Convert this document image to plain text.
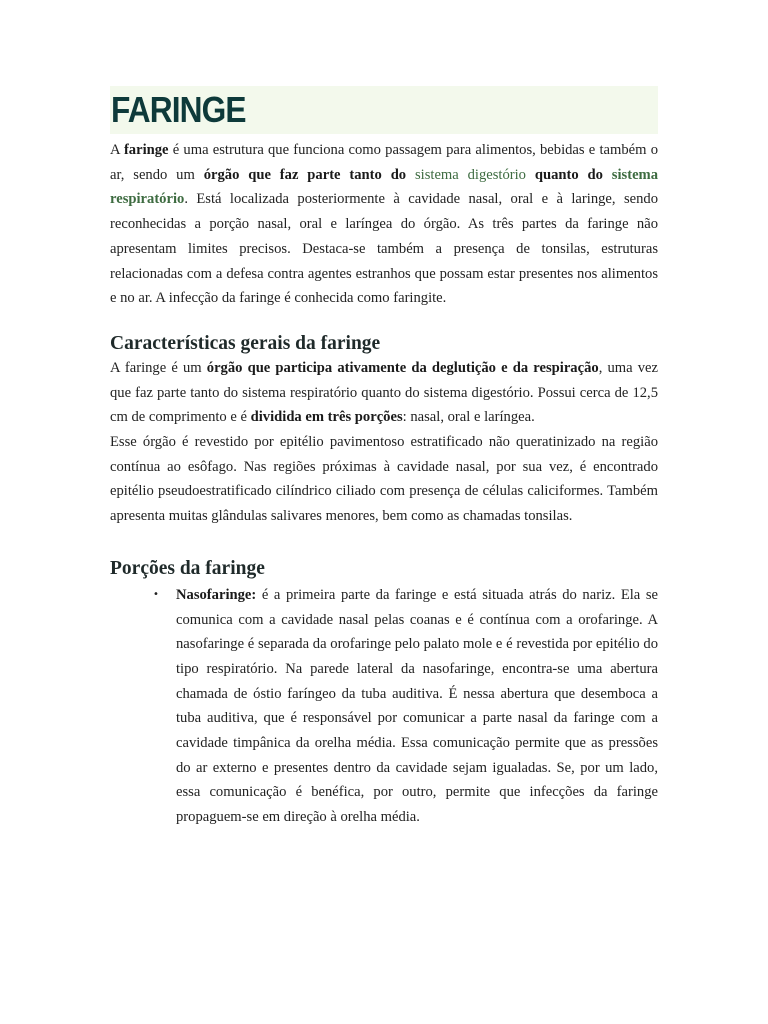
FARINGE

A faringe é uma estrutura que funciona como passagem para alimentos, bebidas e também o ar, sendo um órgão que faz parte tanto do sistema digestório quanto do sistema respiratório. Está localizada posteriormente à cavidade nasal, oral e à laringe, sendo reconhecidas a porção nasal, oral e laríngea do órgão. As três partes da faringe não apresentam limites precisos. Destaca-se também a presença de tonsilas, estruturas relacionadas com a defesa contra agentes estranhos que possam estar presentes nos alimentos e no ar. A infecção da faringe é conhecida como faringite.

Características gerais da faringe

A faringe é um órgão que participa ativamente da deglutição e da respiração, uma vez que faz parte tanto do sistema respiratório quanto do sistema digestório. Possui cerca de 12,5 cm de comprimento e é dividida em três porções: nasal, oral e laríngea.

Esse órgão é revestido por epitélio pavimentoso estratificado não queratinizado na região contínua ao esôfago. Nas regiões próximas à cavidade nasal, por sua vez, é encontrado epitélio pseudoestratificado cilíndrico ciliado com presença de células caliciformes. Também apresenta muitas glândulas salivares menores, bem como as chamadas tonsilas.

Porções da faringe
• Nasofaringe: é a primeira parte da faringe e está situada atrás do nariz. Ela se comunica com a cavidade nasal pelas coanas e é contínua com a orofaringe. A nasofaringe é separada da orofaringe pelo palato mole e é revestida por epitélio do tipo respiratório. Na parede lateral da nasofaringe, encontra-se uma abertura chamada de óstio faríngeo da tuba auditiva. É nessa abertura que desemboca a tuba auditiva, que é responsável por comunicar a parte nasal da faringe com a cavidade timpânica da orelha média. Essa comunicação permite que as pressões do ar externo e presentes dentro da cavidade sejam igualadas. Se, por um lado, essa comunicação é benéfica, por outro, permite que infecções da faringe propaguem-se em direção à orelha média.
